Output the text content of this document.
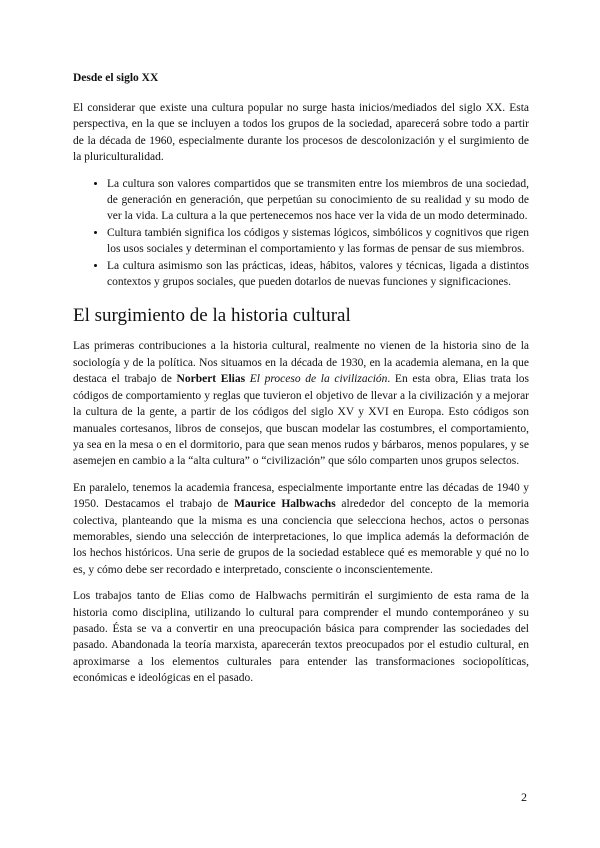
Desde el siglo XX

El considerar que existe una cultura popular no surge hasta inicios/mediados del siglo XX. Esta perspectiva, en la que se incluyen a todos los grupos de la sociedad, aparecerá sobre todo a partir de la década de 1960, especialmente durante los procesos de descolonización y el surgimiento de la pluriculturalidad.

• La cultura son valores compartidos que se transmiten entre los miembros de una sociedad, de generación en generación, que perpetúan su conocimiento de su realidad y su modo de ver la vida. La cultura a la que pertenecemos nos hace ver la vida de un modo determinado.
• Cultura también significa los códigos y sistemas lógicos, simbólicos y cognitivos que rigen los usos sociales y determinan el comportamiento y las formas de pensar de sus miembros.
• La cultura asimismo son las prácticas, ideas, hábitos, valores y técnicas, ligada a distintos contextos y grupos sociales, que pueden dotarlos de nuevas funciones y significaciones.
El surgimiento de la historia cultural

Las primeras contribuciones a la historia cultural, realmente no vienen de la historia sino de la sociología y de la política. Nos situamos en la década de 1930, en la academia alemana, en la que destaca el trabajo de Norbert Elias El proceso de la civilización. En esta obra, Elias trata los códigos de comportamiento y reglas que tuvieron el objetivo de llevar a la civilización y a mejorar la cultura de la gente, a partir de los códigos del siglo XV y XVI en Europa. Esto códigos son manuales cortesanos, libros de consejos, que buscan modelar las costumbres, el comportamiento, ya sea en la mesa o en el dormitorio, para que sean menos rudos y bárbaros, menos populares, y se asemejen en cambio a la “alta cultura” o “civilización” que sólo comparten unos grupos selectos.

En paralelo, tenemos la academia francesa, especialmente importante entre las décadas de 1940 y 1950. Destacamos el trabajo de Maurice Halbwachs alrededor del concepto de la memoria colectiva, planteando que la misma es una conciencia que selecciona hechos, actos o personas memorables, siendo una selección de interpretaciones, lo que implica además la deformación de los hechos históricos. Una serie de grupos de la sociedad establece qué es memorable y qué no lo es, y cómo debe ser recordado e interpretado, consciente o inconscientemente.

Los trabajos tanto de Elias como de Halbwachs permitirán el surgimiento de esta rama de la historia como disciplina, utilizando lo cultural para comprender el mundo contemporáneo y su pasado. Ésta se va a convertir en una preocupación básica para comprender las sociedades del pasado. Abandonada la teoría marxista, aparecerán textos preocupados por el estudio cultural, en aproximarse a los elementos culturales para entender las transformaciones sociopolíticas, económicas e ideológicas en el pasado.

2
